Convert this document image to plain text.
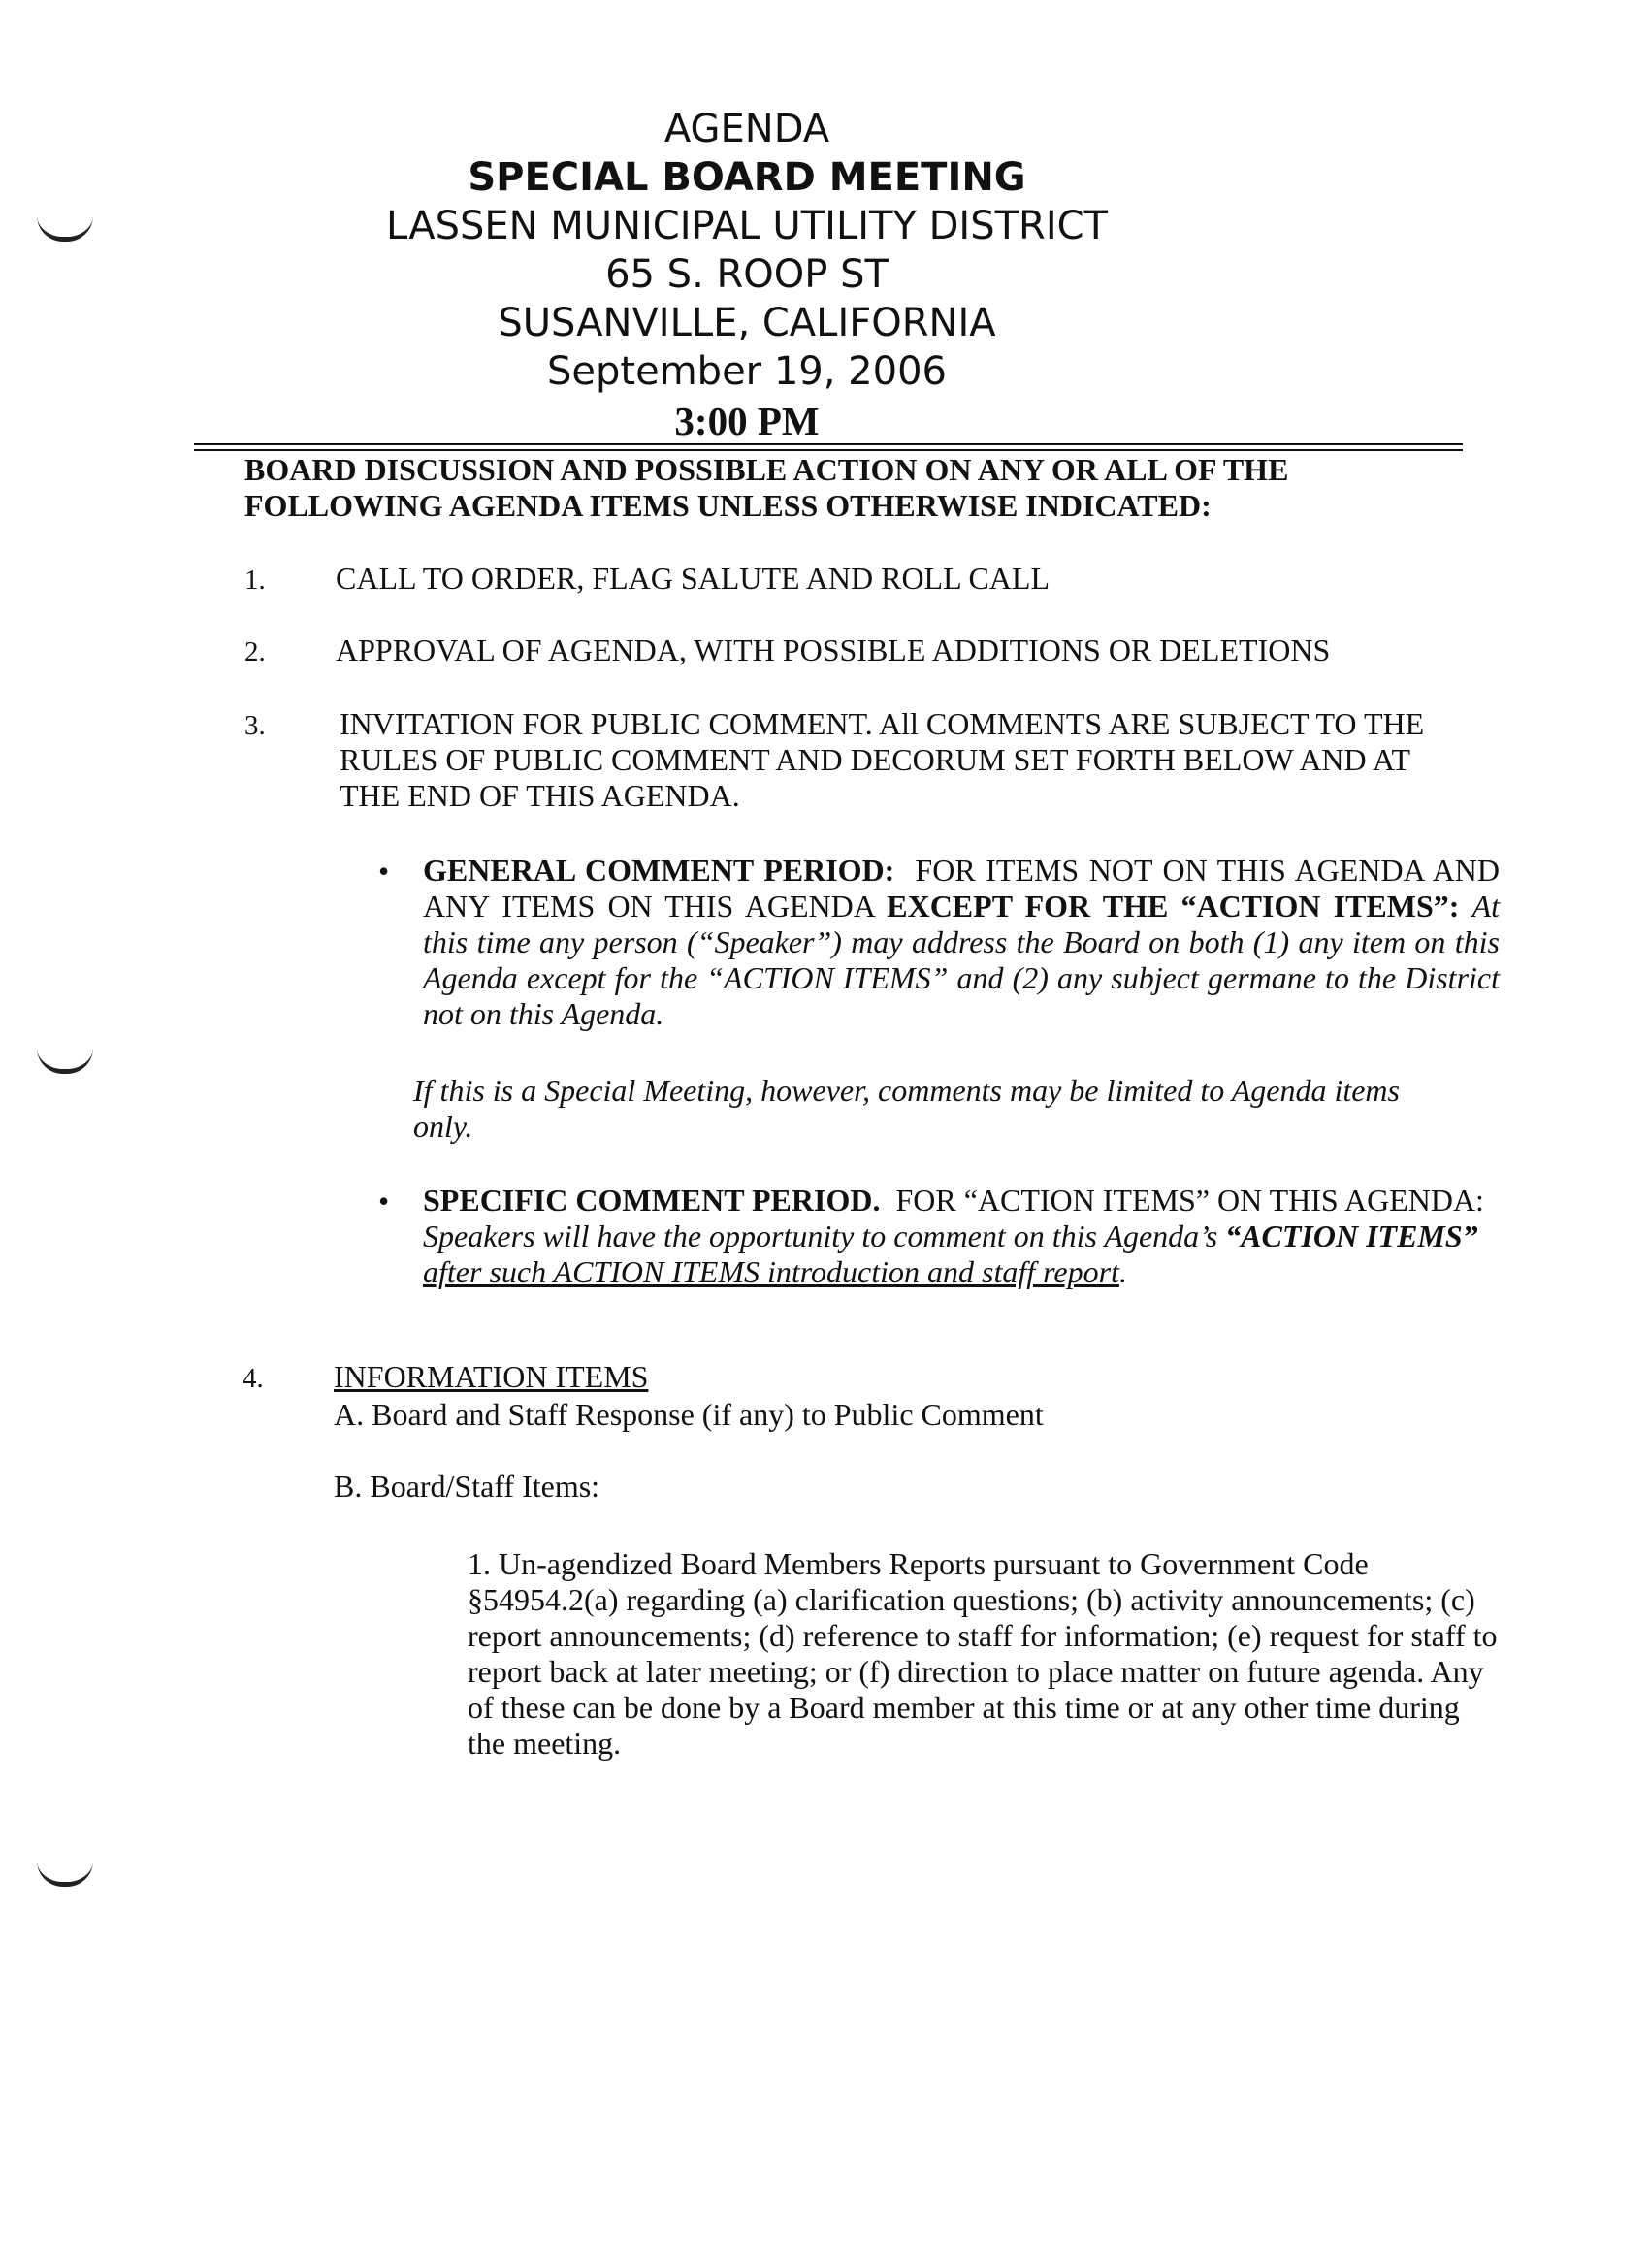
AGENDA
SPECIAL BOARD MEETING
LASSEN MUNICIPAL UTILITY DISTRICT
65 S. ROOP ST
SUSANVILLE, CALIFORNIA
September 19, 2006
3:00 PM
BOARD DISCUSSION AND POSSIBLE ACTION ON ANY OR ALL OF THE FOLLOWING AGENDA ITEMS UNLESS OTHERWISE INDICATED:
1. CALL TO ORDER, FLAG SALUTE AND ROLL CALL
2. APPROVAL OF AGENDA, WITH POSSIBLE ADDITIONS OR DELETIONS
3. INVITATION FOR PUBLIC COMMENT. All COMMENTS ARE SUBJECT TO THE RULES OF PUBLIC COMMENT AND DECORUM SET FORTH BELOW AND AT THE END OF THIS AGENDA.
• GENERAL COMMENT PERIOD: FOR ITEMS NOT ON THIS AGENDA AND ANY ITEMS ON THIS AGENDA EXCEPT FOR THE “ACTION ITEMS”: At this time any person (“Speaker”) may address the Board on both (1) any item on this Agenda except for the “ACTION ITEMS” and (2) any subject germane to the District not on this Agenda.
If this is a Special Meeting, however, comments may be limited to Agenda items only.
• SPECIFIC COMMENT PERIOD. FOR “ACTION ITEMS” ON THIS AGENDA:  Speakers will have the opportunity to comment on this Agenda’s “ACTION ITEMS” after such ACTION ITEMS introduction and staff report.
4. INFORMATION ITEMS
A. Board and Staff Response (if any) to Public Comment
B. Board/Staff Items:
1. Un-agendized Board Members Reports pursuant to Government Code §54954.2(a) regarding (a) clarification questions; (b) activity announcements; (c) report announcements; (d) reference to staff for information; (e) request for staff to report back at later meeting; or (f) direction to place matter on future agenda. Any of these can be done by a Board member at this time or at any other time during the meeting.
